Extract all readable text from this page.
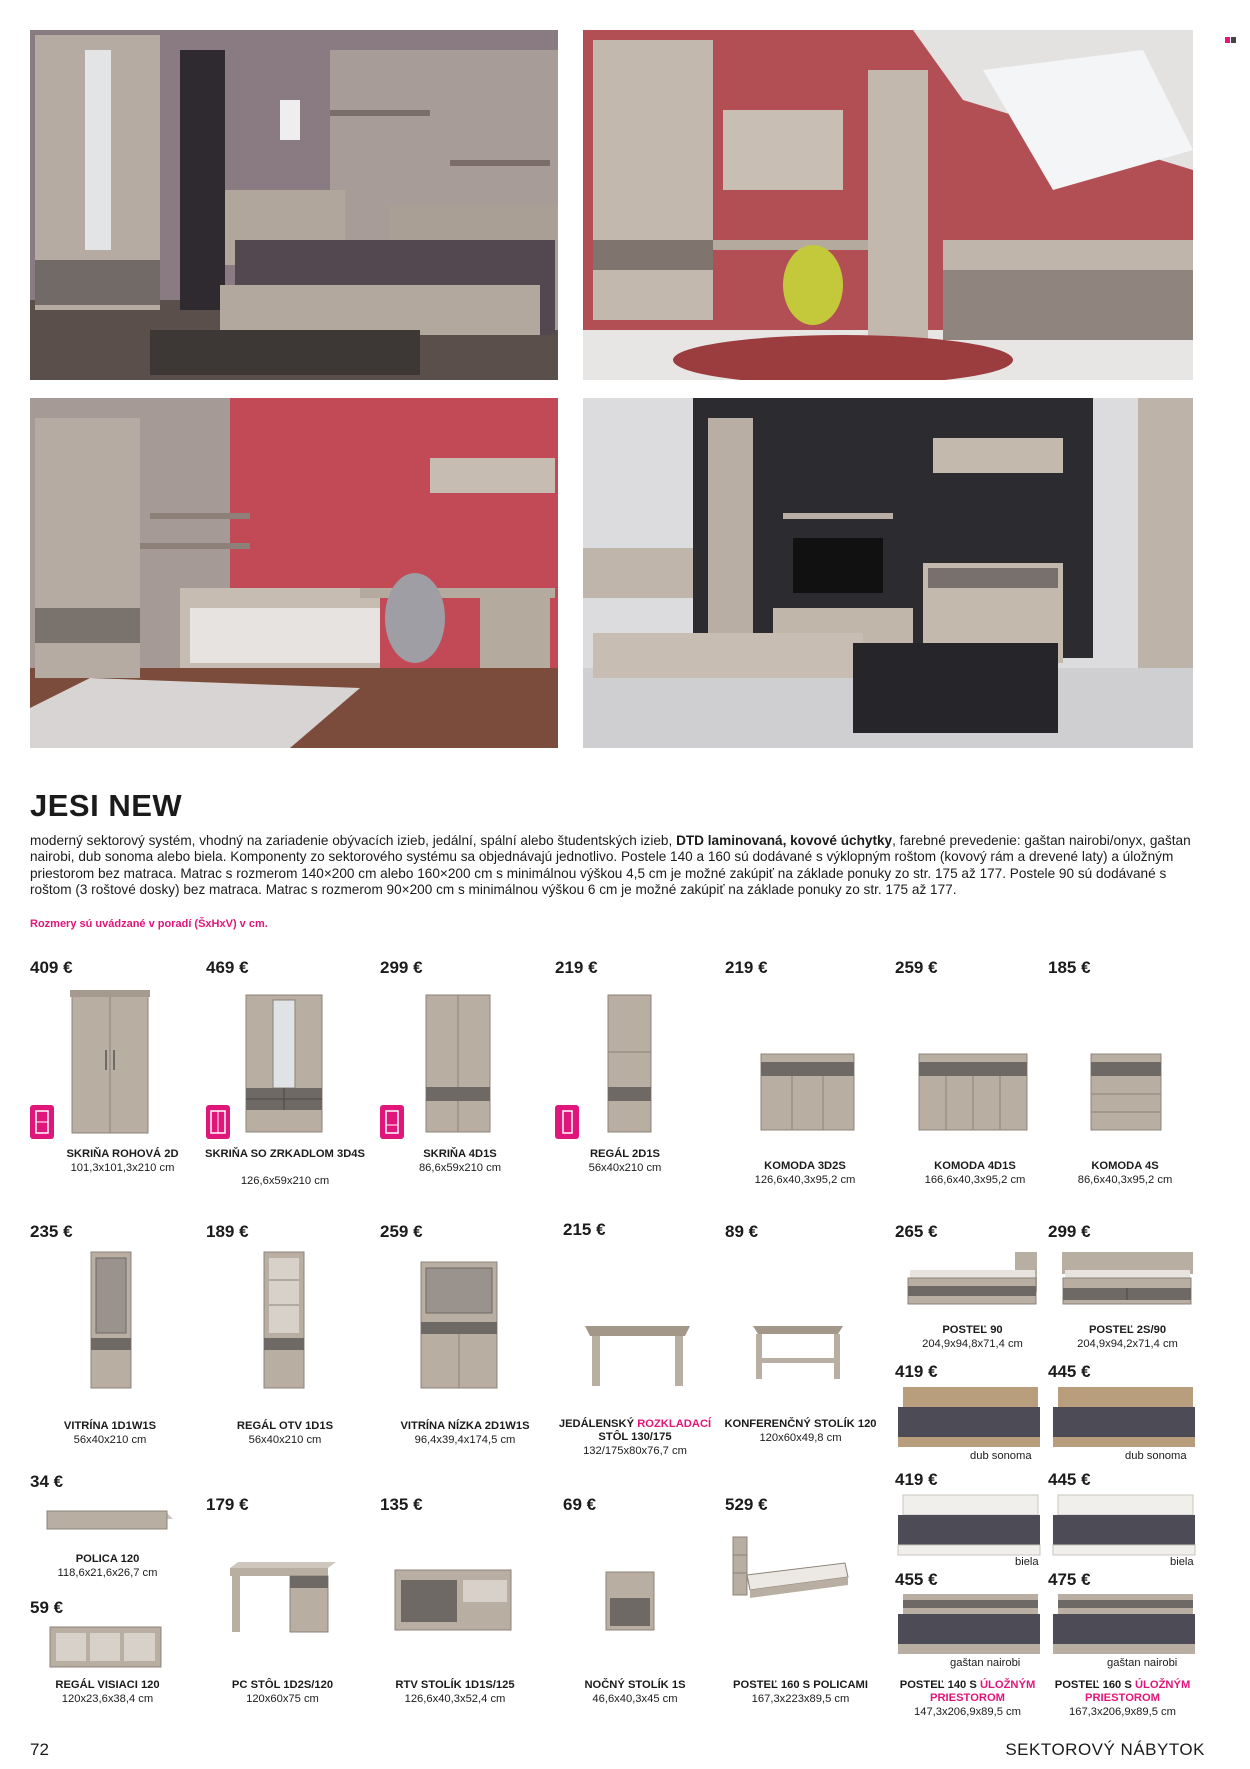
JESI NEW

moderný sektorový systém, vhodný na zariadenie obývacích izieb, jedální, spální alebo študentských izieb, DTD laminovaná, kovové úchytky, farebné prevedenie: gaštan nairobi/onyx, gaštan nairobi, dub sonoma alebo biela. Komponenty zo sektorového systému sa objednávajú jednotlivo. Postele 140 a 160 sú dodávané s výklopným roštom (kovový rám a drevené laty) a úložným priestorom bez matraca. Matrac s rozmerom 140×200 cm alebo 160×200 cm s minimálnou výškou 4,5 cm je možné zakúpiť na základe ponuky zo str. 175 až 177. Postele 90 sú dodávané s roštom (3 roštové dosky) bez matraca. Matrac s rozmerom 90×200 cm s minimálnou výškou 6 cm je možné zakúpiť na základe ponuky zo str. 175 až 177.

Rozmery sú uvádzané v poradí (ŠxHxV) v cm.

409 €
SKRIŇA ROHOVÁ 2D
101,3x101,3x210 cm
469 €
SKRIŇA SO ZRKADLOM 3D4S
126,6x59x210 cm
299 €
SKRIŇA 4D1S
86,6x59x210 cm
219 €
REGÁL 2D1S
56x40x210 cm
219 €
KOMODA 3D2S
126,6x40,3x95,2 cm
259 €
KOMODA 4D1S
166,6x40,3x95,2 cm
185 €
KOMODA 4S
86,6x40,3x95,2 cm
235 €
VITRÍNA 1D1W1S
56x40x210 cm
189 €
REGÁL OTV 1D1S
56x40x210 cm
259 €
VITRÍNA NÍZKA 2D1W1S
96,4x39,4x174,5 cm
215 €
JEDÁLENSKÝ ROZKLADACÍ
STÔL 130/175
132/175x80x76,7 cm
89 €
KONFERENČNÝ STOLÍK 120
120x60x49,8 cm
265 €
POSTEĽ 90
204,9x94,8x71,4 cm
299 €
POSTEĽ 2S/90
204,9x94,2x71,4 cm
34 €
POLICA 120
118,6x21,6x26,7 cm
179 €
PC STÔL 1D2S/120
120x60x75 cm
135 €
RTV STOLÍK 1D1S/125
126,6x40,3x52,4 cm
69 €
NOČNÝ STOLÍK 1S
46,6x40,3x45 cm
529 €
POSTEĽ 160 S POLICAMI
167,3x223x89,5 cm
59 €
REGÁL VISIACI 120
120x23,6x38,4 cm
419 €
dub sonoma
419 €
biela
455 €
gaštan nairobi
POSTEĽ 140 S ÚLOŽNÝM PRIESTOROM
147,3x206,9x89,5 cm
445 €
dub sonoma
445 €
biela
475 €
gaštan nairobi
POSTEĽ 160 S ÚLOŽNÝM PRIESTOROM
167,3x206,9x89,5 cm
72	SEKTOROVÝ NÁBYTOK
